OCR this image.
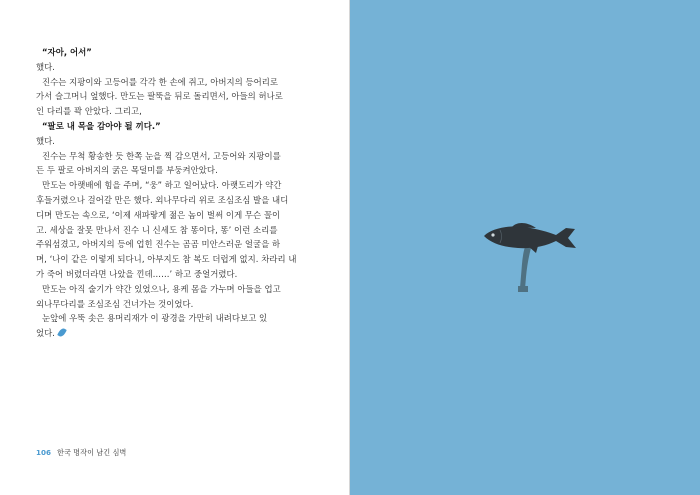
“자아, 어서”
했다.
진수는 지팡이와 고등어를 각각 한 손에 쥐고, 아버지의 등어리로
가서 슬그머니 엎했다. 만도는 팔뚝을 뒤로 돌리면서, 아들의 허나로
인 다리를 꽉 안았다. 그리고,
“팔로 내 목을 감아야 될 끼다.”
했다.
진수는 무척 황송한 듯 한쪽 눈을 찍 감으면서, 고등어와 지팡이를
든 두 팔로 아버지의 굵은 목덜미를 부둥켜안았다.
만도는 아랫배에 힘을 주며, “웅” 하고 일어났다. 아랫도리가 약간
후들거렸으나 걸어갈 만은 했다. 외나무다리 위로 조심조심 발을 내디
디며 만도는 속으로, ‘이제 새파랗게 젊은 놈이 벌써 이게 무슨 꼴이
고. 세상을 잘못 만나서 진수 니 신세도 참 똥이다, 똥’ 이런 소리를
주워섬겼고, 아버지의 등에 업힌 진수는 곰곰 미안스러운 얼굴을 하
며, ‘나이 같은 이렇게 되다니, 아부지도 참 복도 더럽게 없지. 차라리 내
가 죽어 버렸더라면 나았을 낀데……’ 하고 중얼거렸다.
만도는 아직 술기가 약간 있었으나, 용케 몸을 가누며 아들을 업고
외나무다리를 조심조심 건너가는 것이었다.
눈앞에 우뚝 솟은 용머리재가 이 광경을 가만히 내려다보고 있
었다.
106 한국 명작이 남긴 심벽
